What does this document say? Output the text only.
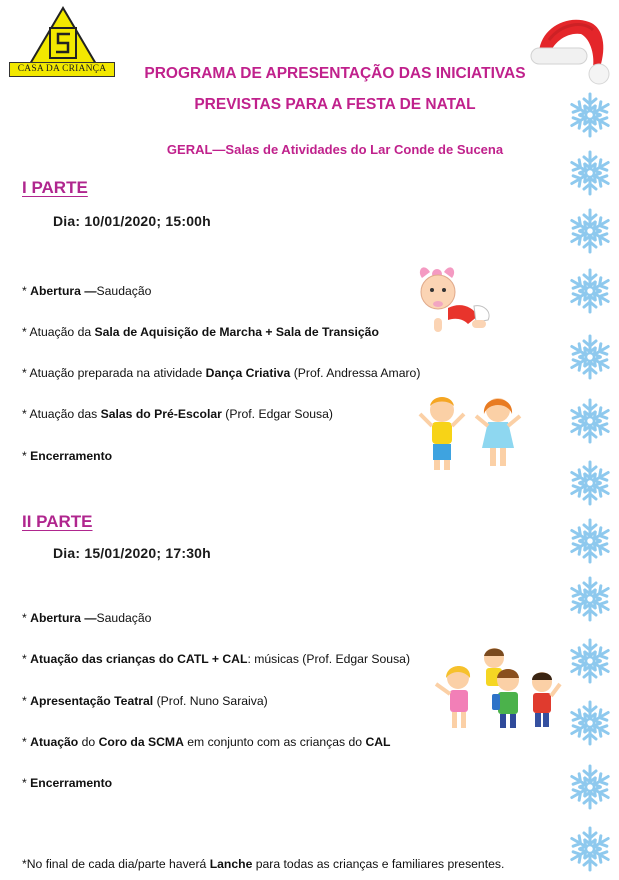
CASA DA CRIANÇA	PROGRAMA DE APRESENTAÇÃO DAS INICIATIVAS
PREVISTAS PARA A FESTA DE NATAL
GERAL—Salas de Atividades do Lar Conde de Sucena
I PARTE
Dia: 10/01/2020; 15:00h
* Abertura —Saudação
* Atuação da Sala de Aquisição de Marcha + Sala de Transição
* Atuação preparada na atividade Dança Criativa (Prof. Andressa Amaro)
* Atuação das Salas do Pré-Escolar (Prof. Edgar Sousa)
* Encerramento
II PARTE
Dia: 15/01/2020; 17:30h
* Abertura —Saudação
* Atuação das crianças do CATL + CAL: músicas (Prof. Edgar Sousa)
* Apresentação Teatral (Prof. Nuno Saraiva)
* Atuação do Coro da SCMA em conjunto com as crianças do CAL
* Encerramento
*No final de cada dia/parte haverá Lanche para todas as crianças e familiares presentes.
